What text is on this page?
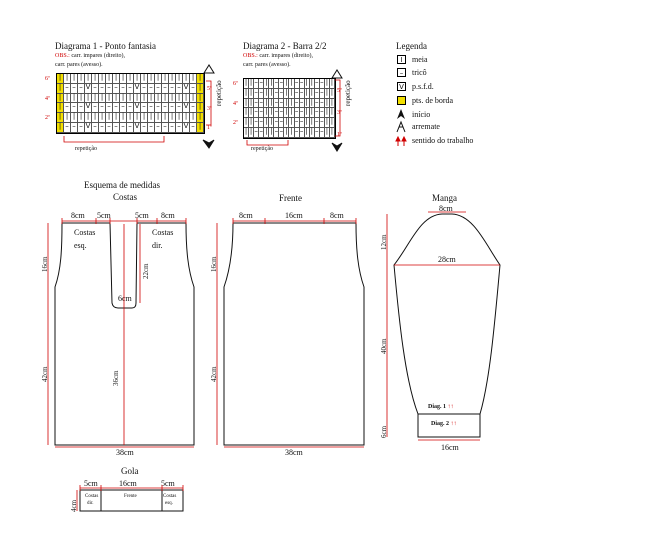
Diagrama 1 - Ponto fantasia
OBS.: carr. impares (direito),
carr. pares (avesso).
| | | | | | | | | | | | | | | | | | | | |
| – – – V – – – – – – V – – – – – – V – |
| | | | | | | | | | | | | | | | | | | | |
| – – – V – – – – – – V – – – – – – V – |
| | | | | | | | | | | | | | | | | | | | |
| – – – V – – – – – – V – – – – – – V – |
6ª
4ª
2ª
5ª
3ª
1ª
repetição
repetição
Diagrama 2 - Barra 2/2
OBS.: carr. impares (direito),
carr. pares (avesso).
| | – – | | – – | | – – | | – – | |
| | – – | | – – | | – – | | – – | |
| | – – | | – – | | – – | | – – | |
| | – – | | – – | | – – | | – – | |
| | – – | | – – | | – – | | – – | |
| | – – | | – – | | – – | | – – | |
6ª
4ª
2ª
5ª
3ª
1ª
repetição
repetição
Legenda
I	meia
–	tricô
V p.s.f.d.
pts. de borda
início
arremate
sentido do trabalho
Esquema de medidas
Costas
8cm 5cm	5cm 8cm
Costas
esq.
Costas
dir.
16cm	22cm
6cm
42cm	36cm
38cm
Frente
8cm	16cm	8cm
16cm
42cm
38cm
Manga
8cm
12cm
28cm
40cm
Diag. 1 ↑↑
Diag. 2 ↑↑
6cm
16cm
Gola
5cm	16cm	5cm
4cm
Costas
dir.
Frente	Costas
esq.
